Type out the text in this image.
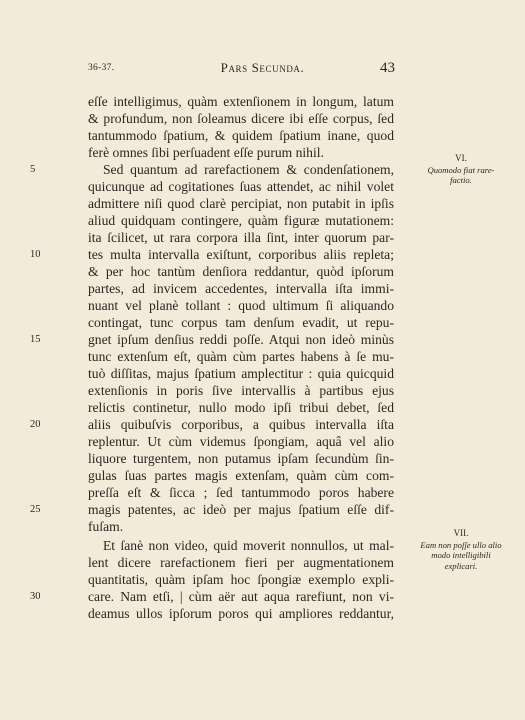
36-37.	Pars Secunda.	43
eſſe intelligimus, quàm extenſionem in longum, latum
& profundum, non ſoleamus dicere ibi eſſe corpus, ſed
tantummodo ſpatium, & quidem ſpatium inane, quod
ferè omnes ſibi perſuadent eſſe purum nihil.
Sed quantum ad rarefactionem & condenſationem,
quicunque ad cogitationes ſuas attendet, ac nihil volet
admittere niſi quod clarè percipiat, non putabit in ipſis
aliud quidquam contingere, quàm figuræ mutationem:
ita ſcilicet, ut rara corpora illa ſint, inter quorum par-
tes multa intervalla exiſtunt, corporibus aliis repleta;
& per hoc tantùm denſiora reddantur, quòd ipſorum
partes, ad invicem accedentes, intervalla iſta immi-
nuant vel planè tollant : quod ultimum ſi aliquando
contingat, tunc corpus tam denſum evadit, ut repu-
gnet ipſum denſius reddi poſſe. Atqui non ideò minùs
tunc extenſum eſt, quàm cùm partes habens à ſe mu-
tuò diſſitas, majus ſpatium amplectitur : quia quicquid
extenſionis in poris ſive intervallis à partibus ejus
relictis continetur, nullo modo ipſi tribui debet, ſed
aliis quibuſvis corporibus, a quibus intervalla iſta
replentur. Ut cùm videmus ſpongiam, aquâ vel alio
liquore turgentem, non putamus ipſam ſecundùm ſin-
gulas ſuas partes magis extenſam, quàm cùm com-
preſſa eſt & ſicca ; ſed tantummodo poros habere
magis patentes, ac ideò per majus ſpatium eſſe dif-
fuſam.
Et ſanè non video, quid moverit nonnullos, ut mal-
lent dicere rarefactionem fieri per augmentationem
quantitatis, quàm ipſam hoc ſpongiæ exemplo expli-
care. Nam etſi, | cùm aër aut aqua rarefiunt, non vi-
deamus ullos ipſorum poros qui ampliores reddantur,
5
10
15
20
25
30
VI.
Quomodo fiat rare-
factio.
VII.
Eam non poſſe ullo alio
modo intelligibili
explicari.
